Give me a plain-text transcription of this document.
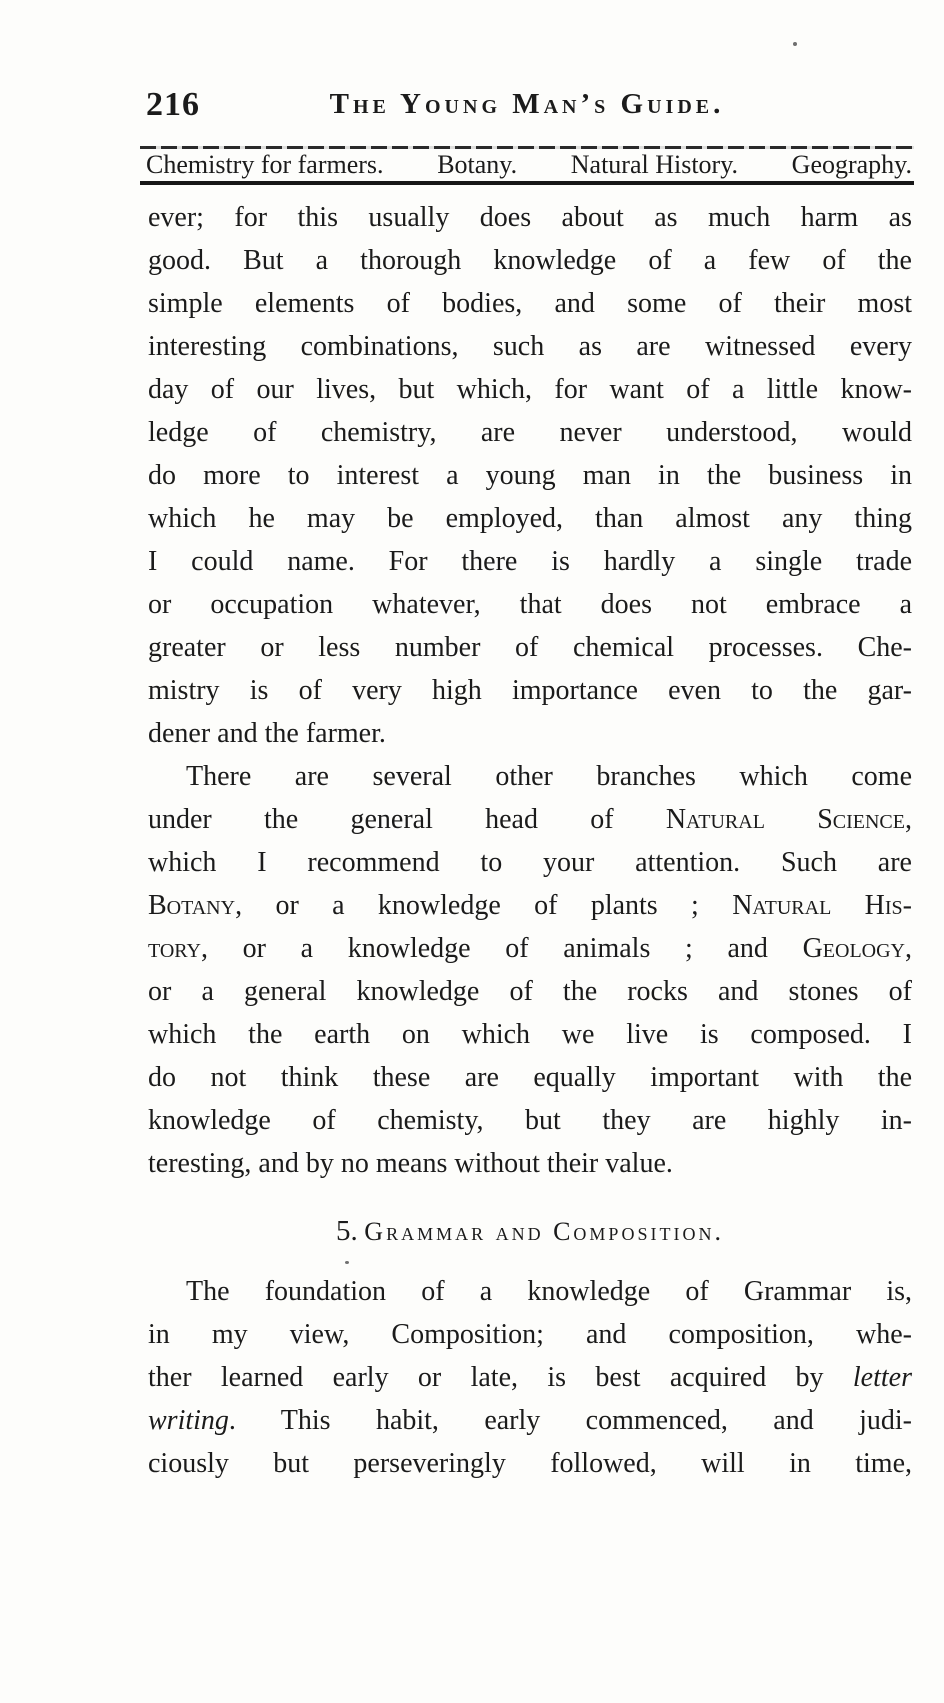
216	The Young Man’s Guide.
Chemistry for farmers. Botany. Natural History. Geography.
ever; for this usually does about as much harm as
good. But a thorough knowledge of a few of the
simple elements of bodies, and some of their most
interesting combinations, such as are witnessed every
day of our lives, but which, for want of a little know-
ledge of chemistry, are never understood, would
do more to interest a young man in the business in
which he may be employed, than almost any thing
I could name. For there is hardly a single trade
or occupation whatever, that does not embrace a
greater or less number of chemical processes. Che-
mistry is of very high importance even to the gar-
dener and the farmer.
There are several other branches which come
under the general head of Natural Science,
which I recommend to your attention. Such are
Botany, or a knowledge of plants ; Natural His-
tory, or a knowledge of animals ; and Geology,
or a general knowledge of the rocks and stones of
which the earth on which we live is composed. I
do not think these are equally important with the
knowledge of chemisty, but they are highly in-
teresting, and by no means without their value.
5. Grammar and Composition.
The foundation of a knowledge of Grammar is,
in my view, Composition; and composition, whe-
ther learned early or late, is best acquired by letter
writing. This habit, early commenced, and judi-
ciously but perseveringly followed, will in time,
